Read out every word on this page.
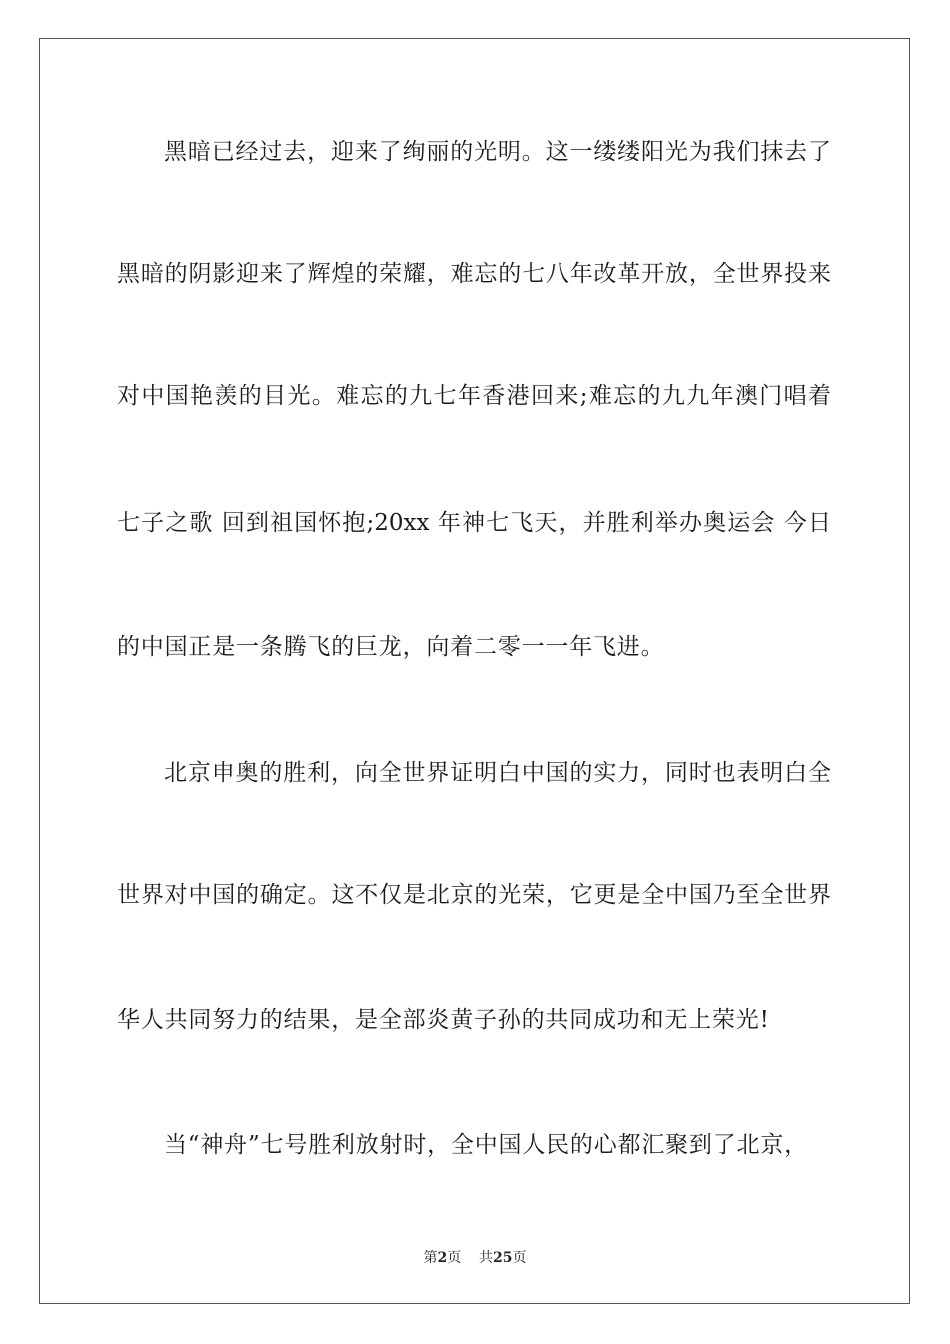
黑暗已经过去，迎来了绚丽的光明。这一缕缕阳光为我们抹去了
黑暗的阴影迎来了辉煌的荣耀，难忘的七八年改革开放，全世界投来
对中国艳羡的目光。难忘的九七年香港回来;难忘的九九年澳门唱着
七子之歌 回到祖国怀抱;20xx 年神七飞天，并胜利举办奥运会 今日
的中国正是一条腾飞的巨龙，向着二零一一年飞进。
北京申奥的胜利，向全世界证明白中国的实力，同时也表明白全
世界对中国的确定。这不仅是北京的光荣，它更是全中国乃至全世界
华人共同努力的结果，是全部炎黄子孙的共同成功和无上荣光!
当“神舟”七号胜利放射时，全中国人民的心都汇聚到了北京，
第2页 共25页
